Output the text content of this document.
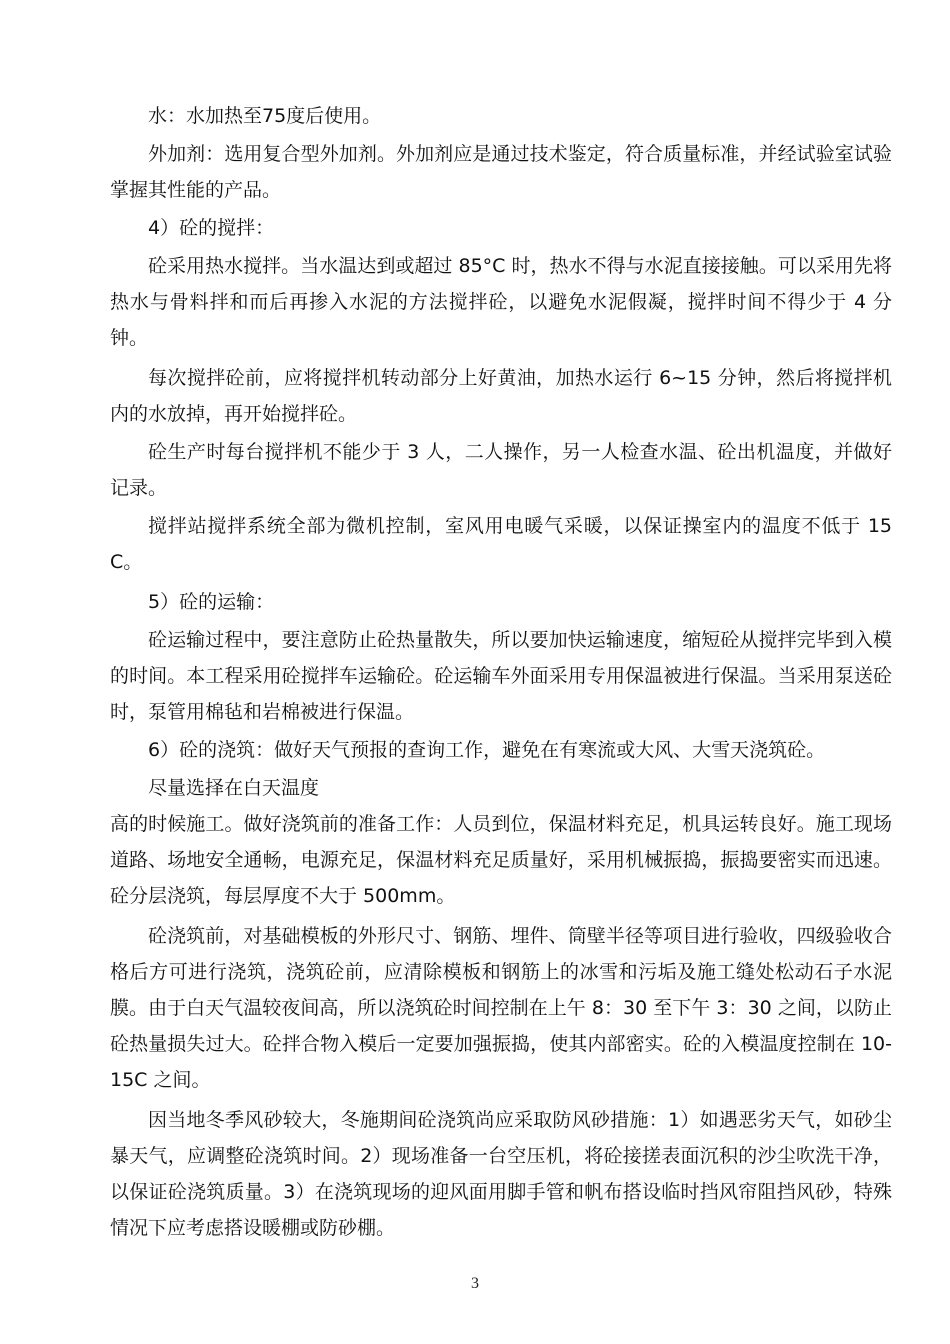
水：水加热至75度后使用。

外加剂：选用复合型外加剂。外加剂应是通过技术鉴定，符合质量标准，并经试验室试验掌握其性能的产品。

4）砼的搅拌：

砼采用热水搅拌。当水温达到或超过 85°C 时，热水不得与水泥直接接触。可以采用先将热水与骨料拌和而后再掺入水泥的方法搅拌砼，以避免水泥假凝，搅拌时间不得少于 4 分钟。

每次搅拌砼前，应将搅拌机转动部分上好黄油，加热水运行 6~15 分钟，然后将搅拌机内的水放掉，再开始搅拌砼。

砼生产时每台搅拌机不能少于 3 人，二人操作，另一人检查水温、砼出机温度，并做好记录。

搅拌站搅拌系统全部为微机控制，室风用电暖气采暖，以保证操室内的温度不低于 15C。

5）砼的运输：

砼运输过程中，要注意防止砼热量散失，所以要加快运输速度，缩短砼从搅拌完毕到入模的时间。本工程采用砼搅拌车运输砼。砼运输车外面采用专用保温被进行保温。当采用泵送砼时，泵管用棉毡和岩棉被进行保温。

6）砼的浇筑：做好天气预报的查询工作，避免在有寒流或大风、大雪天浇筑砼。

尽量选择在白天温度

高的时候施工。做好浇筑前的准备工作：人员到位，保温材料充足，机具运转良好。施工现场道路、场地安全通畅，电源充足，保温材料充足质量好，采用机械振捣，振捣要密实而迅速。砼分层浇筑，每层厚度不大于 500mm。

砼浇筑前，对基础模板的外形尺寸、钢筋、埋件、筒壁半径等项目进行验收，四级验收合格后方可进行浇筑，浇筑砼前，应清除模板和钢筋上的冰雪和污垢及施工缝处松动石子水泥膜。由于白天气温较夜间高，所以浇筑砼时间控制在上午 8：30 至下午 3：30 之间，以防止砼热量损失过大。砼拌合物入模后一定要加强振捣，使其内部密实。砼的入模温度控制在 10-15C 之间。

因当地冬季风砂较大，冬施期间砼浇筑尚应采取防风砂措施：1）如遇恶劣天气，如砂尘暴天气，应调整砼浇筑时间。2）现场准备一台空压机，将砼接搓表面沉积的沙尘吹洗干净，以保证砼浇筑质量。3）在浇筑现场的迎风面用脚手管和帆布搭设临时挡风帘阻挡风砂，特殊情况下应考虑搭设暖棚或防砂棚。

3
